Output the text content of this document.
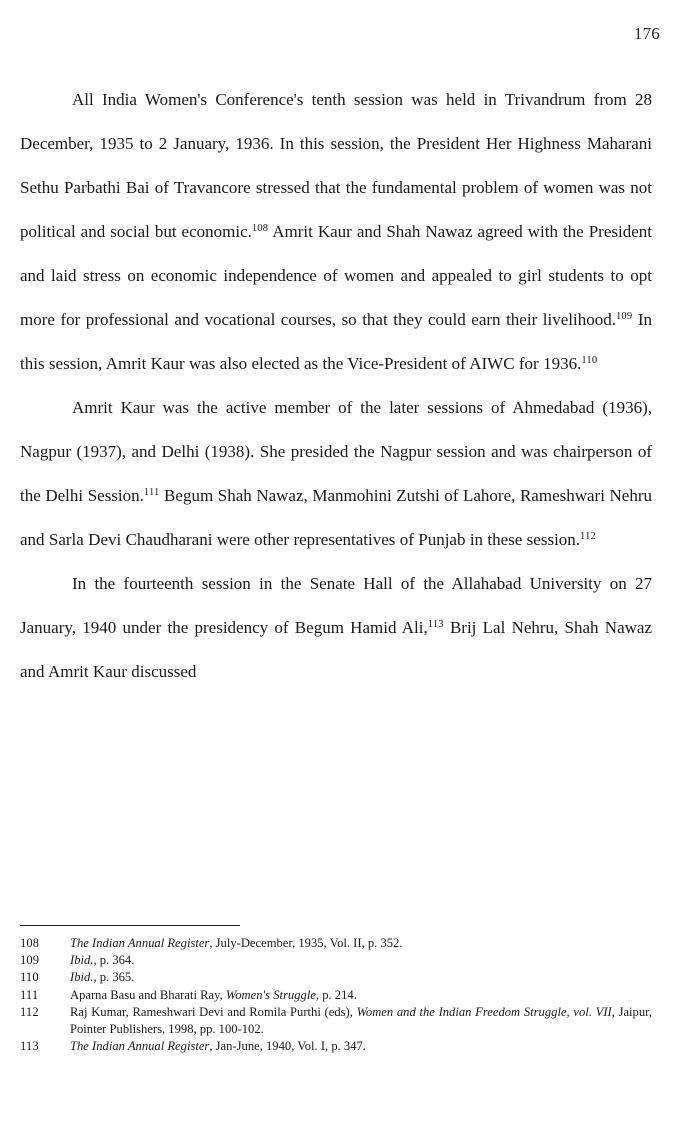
176

All India Women's Conference's tenth session was held in Trivandrum from 28 December, 1935 to 2 January, 1936. In this session, the President Her Highness Maharani Sethu Parbathi Bai of Travancore stressed that the fundamental problem of women was not political and social but economic.$^{108}$ Amrit Kaur and Shah Nawaz agreed with the President and laid stress on economic independence of women and appealed to girl students to opt more for professional and vocational courses, so that they could earn their livelihood.$^{109}$ In this session, Amrit Kaur was also elected as the Vice-President of AIWC for 1936.$^{110}$

Amrit Kaur was the active member of the later sessions of Ahmedabad (1936), Nagpur (1937), and Delhi (1938). She presided the Nagpur session and was chairperson of the Delhi Session.$^{111}$ Begum Shah Nawaz, Manmohini Zutshi of Lahore, Rameshwari Nehru and Sarla Devi Chaudharani were other representatives of Punjab in these session.$^{112}$

In the fourteenth session in the Senate Hall of the Allahabad University on 27 January, 1940 under the presidency of Begum Hamid Ali,$^{113}$ Brij Lal Nehru, Shah Nawaz and Amrit Kaur discussed

108	The Indian Annual Register, July-December, 1935, Vol. II, p. 352.
109	Ibid., p. 364.
110	Ibid., p. 365.
111	Aparna Basu and Bharati Ray, Women's Struggle, p. 214.
112	Raj Kumar, Rameshwari Devi and Romila Purthi (eds), Women and the Indian Freedom Struggle, vol. VII, Jaipur, Pointer Publishers, 1998, pp. 100-102.
113	The Indian Annual Register, Jan-June, 1940, Vol. I, p. 347.
